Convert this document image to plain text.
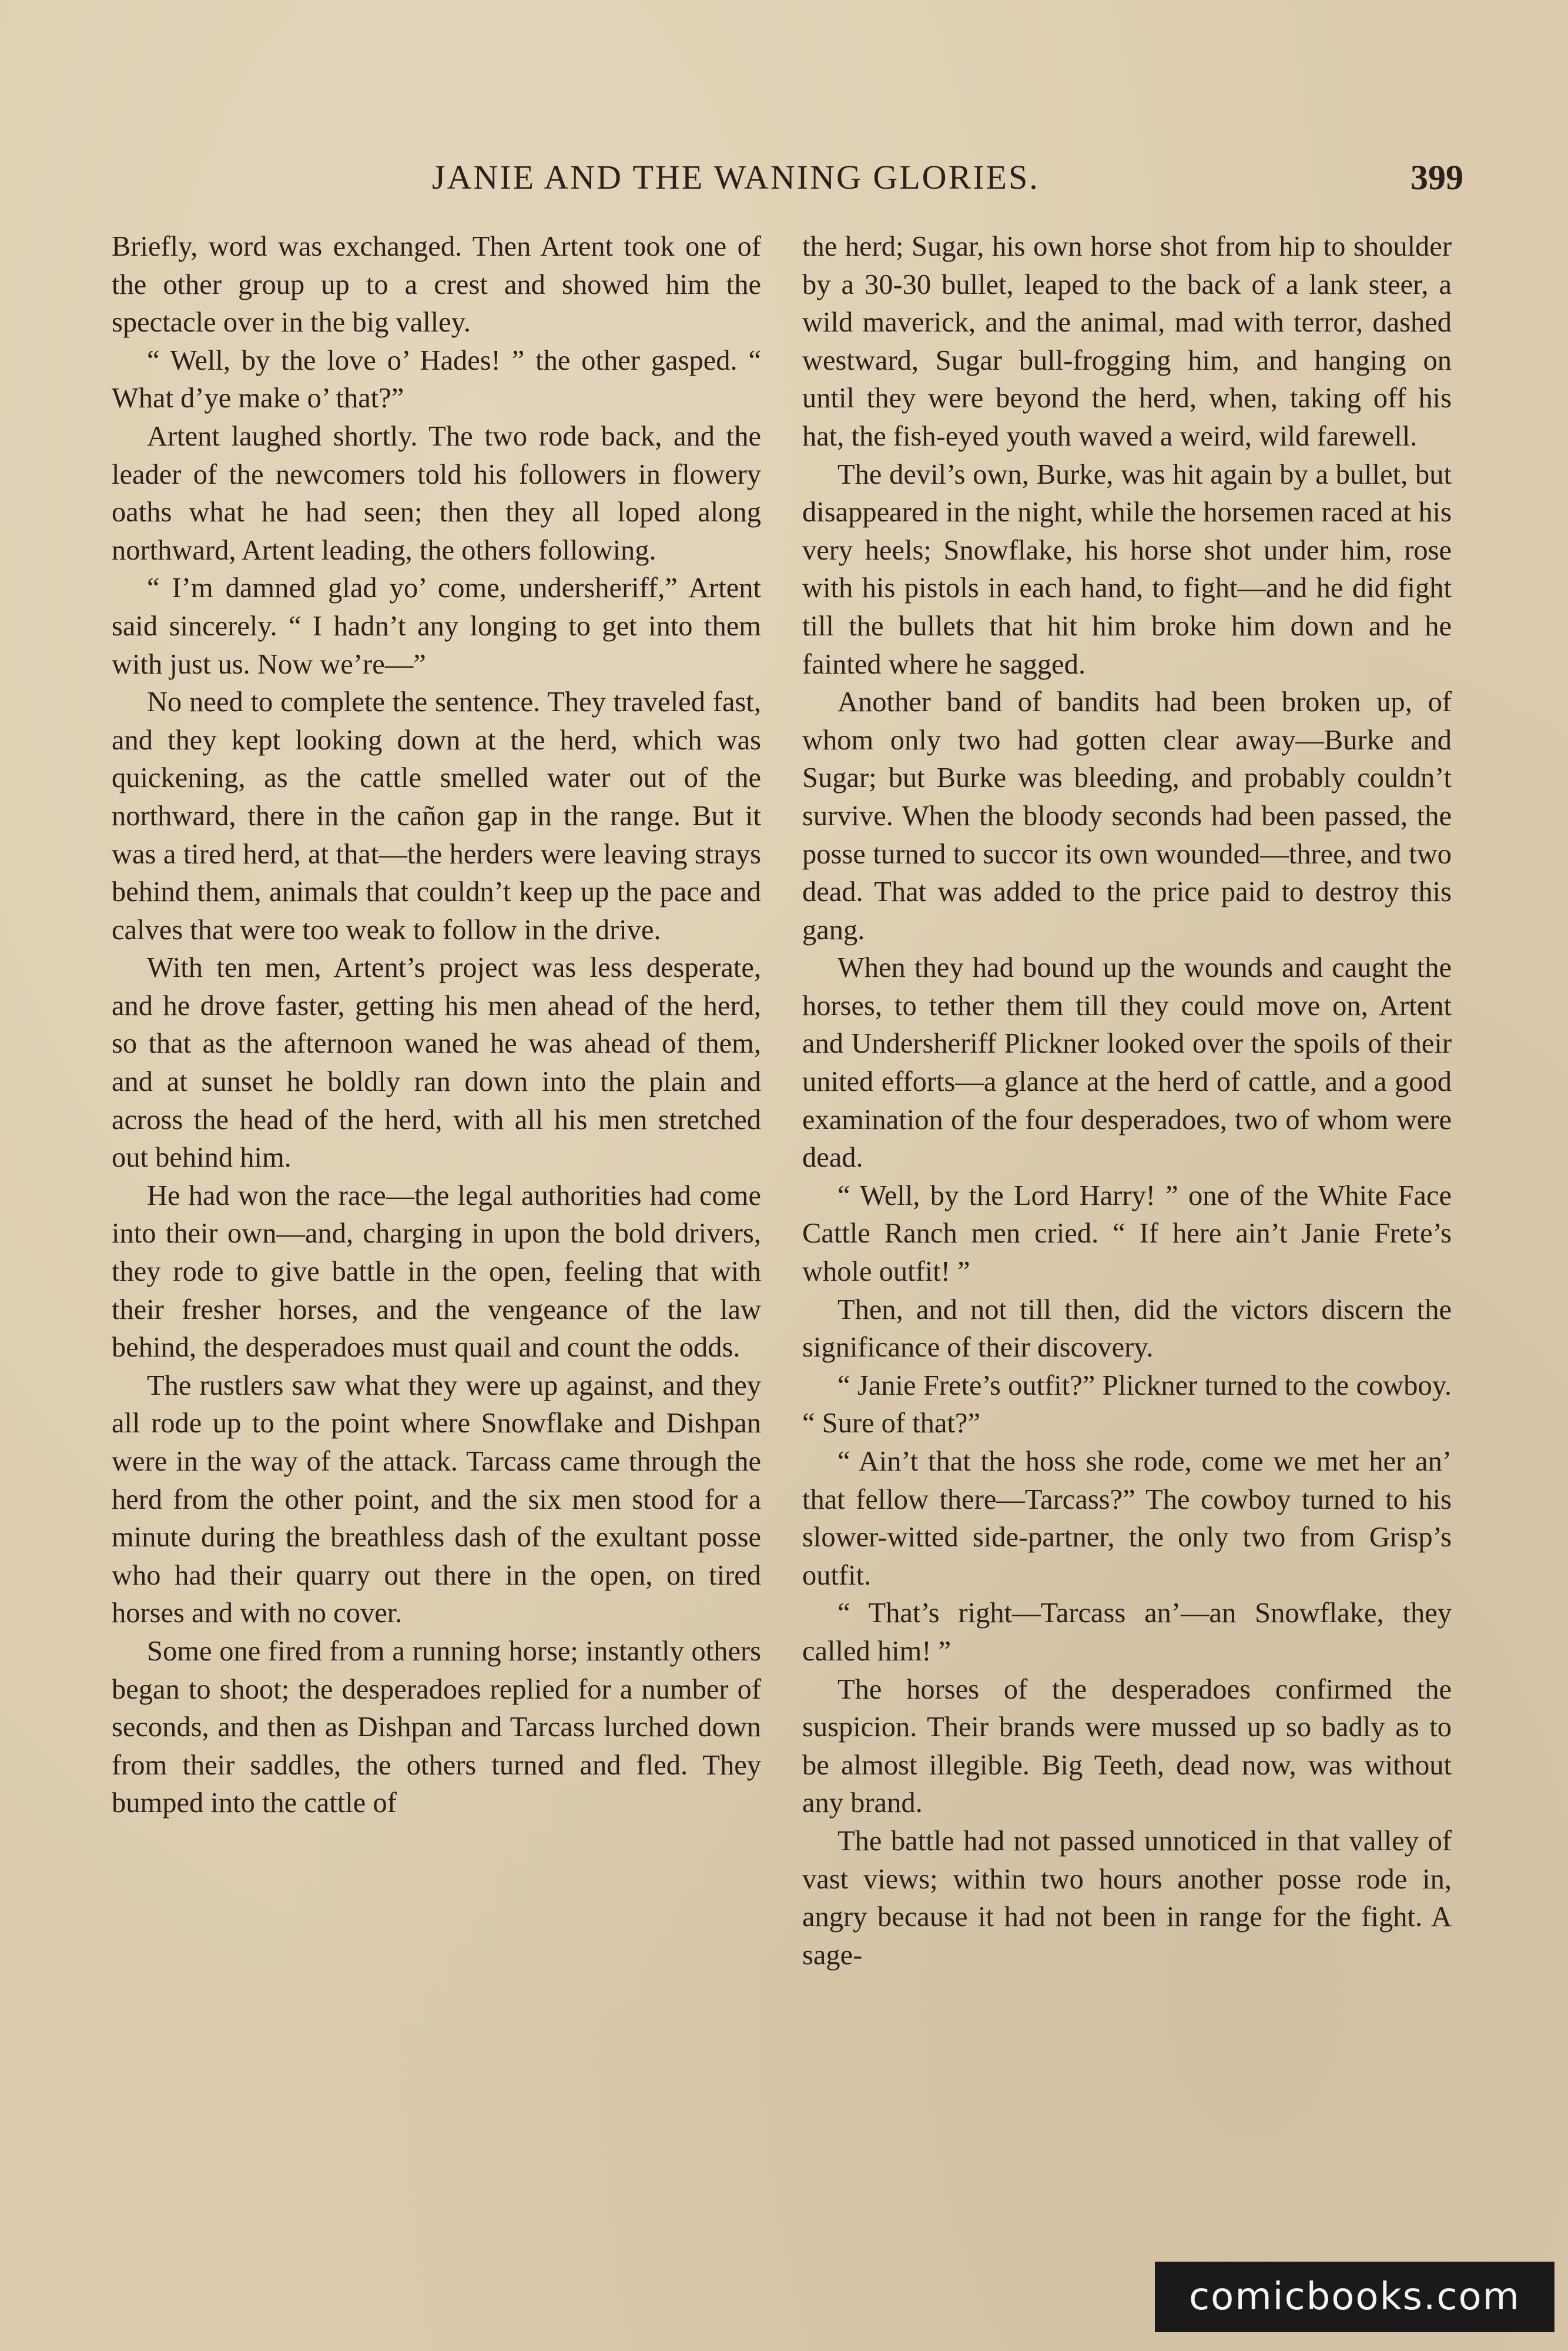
JANIE AND THE WANING GLORIES.	399

Briefly, word was exchanged. Then Artent took one of the other group up to a crest and showed him the spectacle over in the big valley.

“ Well, by the love o’ Hades! ” the other gasped. “ What d’ye make o’ that?”

Artent laughed shortly. The two rode back, and the leader of the newcomers told his followers in flowery oaths what he had seen; then they all loped along northward, Artent leading, the others following.

“ I’m damned glad yo’ come, undersheriff,” Artent said sincerely. “ I hadn’t any longing to get into them with just us. Now we’re—”

No need to complete the sentence. They traveled fast, and they kept looking down at the herd, which was quickening, as the cattle smelled water out of the northward, there in the cañon gap in the range. But it was a tired herd, at that—the herders were leaving strays behind them, animals that couldn’t keep up the pace and calves that were too weak to follow in the drive.

With ten men, Artent’s project was less desperate, and he drove faster, getting his men ahead of the herd, so that as the afternoon waned he was ahead of them, and at sunset he boldly ran down into the plain and across the head of the herd, with all his men stretched out behind him.

He had won the race—the legal authorities had come into their own—and, charging in upon the bold drivers, they rode to give battle in the open, feeling that with their fresher horses, and the vengeance of the law behind, the desperadoes must quail and count the odds.

The rustlers saw what they were up against, and they all rode up to the point where Snowflake and Dishpan were in the way of the attack. Tarcass came through the herd from the other point, and the six men stood for a minute during the breathless dash of the exultant posse who had their quarry out there in the open, on tired horses and with no cover.

Some one fired from a running horse; instantly others began to shoot; the desperadoes replied for a number of seconds, and then as Dishpan and Tarcass lurched down from their saddles, the others turned and fled. They bumped into the cattle of

the herd; Sugar, his own horse shot from hip to shoulder by a 30-30 bullet, leaped to the back of a lank steer, a wild maverick, and the animal, mad with terror, dashed westward, Sugar bull-frogging him, and hanging on until they were beyond the herd, when, taking off his hat, the fish-eyed youth waved a weird, wild farewell.

The devil’s own, Burke, was hit again by a bullet, but disappeared in the night, while the horsemen raced at his very heels; Snowflake, his horse shot under him, rose with his pistols in each hand, to fight—and he did fight till the bullets that hit him broke him down and he fainted where he sagged.

Another band of bandits had been broken up, of whom only two had gotten clear away—Burke and Sugar; but Burke was bleeding, and probably couldn’t survive. When the bloody seconds had been passed, the posse turned to succor its own wounded—three, and two dead. That was added to the price paid to destroy this gang.

When they had bound up the wounds and caught the horses, to tether them till they could move on, Artent and Undersheriff Plickner looked over the spoils of their united efforts—a glance at the herd of cattle, and a good examination of the four desperadoes, two of whom were dead.

“ Well, by the Lord Harry! ” one of the White Face Cattle Ranch men cried. “ If here ain’t Janie Frete’s whole outfit! ”

Then, and not till then, did the victors discern the significance of their discovery.

“ Janie Frete’s outfit?” Plickner turned to the cowboy. “ Sure of that?”

“ Ain’t that the hoss she rode, come we met her an’ that fellow there—Tarcass?” The cowboy turned to his slower-witted side-partner, the only two from Grisp’s outfit.

“ That’s right—Tarcass an’—an Snowflake, they called him! ”

The horses of the desperadoes confirmed the suspicion. Their brands were mussed up so badly as to be almost illegible. Big Teeth, dead now, was without any brand.

The battle had not passed unnoticed in that valley of vast views; within two hours another posse rode in, angry because it had not been in range for the fight. A sage-

comicbooks.com
